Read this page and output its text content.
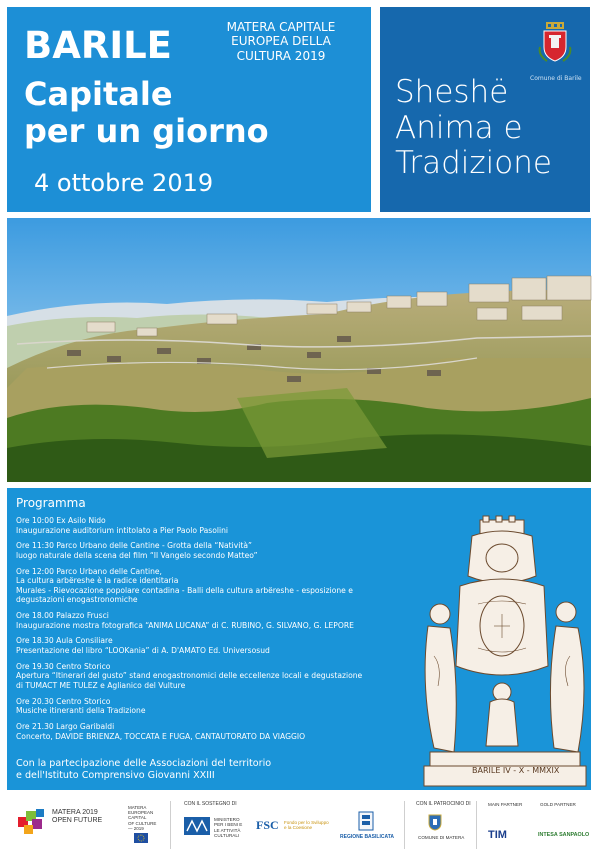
BARILE
Capitale
per un giorno
4 ottobre 2019
MATERA CAPITALE
EUROPEA DELLA
CULTURA 2019
Comune di Barile
Sheshë
Anima e
Tradizione
Programma
Ore 10:00 Ex Asilo Nido
Inaugurazione auditorium intitolato a Pier Paolo Pasolini
Ore 11:30 Parco Urbano delle Cantine - Grotta della “Natività”
luogo naturale della scena del film “Il Vangelo secondo Matteo”
Ore 12:00 Parco Urbano delle Cantine,
La cultura arbëreshe è la radice identitaria
Murales - Rievocazione popolare contadina - Balli della cultura arbëreshe - esposizione e
degustazioni enogastronomiche
Ore 18.00 Palazzo Frusci
Inaugurazione mostra fotografica “ANIMA LUCANA” di C. RUBINO, G. SILVANO, G. LEPORE
Ore 18.30 Aula Consiliare
Presentazione del libro “LOOKania” di A. D'AMATO Ed. Universosud
Ore 19.30 Centro Storico
Apertura “Itinerari del gusto” stand enogastronomici delle eccellenze locali e degustazione
di TUMACT ME TULEZ e Aglianico del Vulture
Ore 20.30 Centro Storico
Musiche itineranti della Tradizione
Ore 21.30 Largo Garibaldi
Concerto, DAVIDE BRIENZA, TOCCATA E FUGA, CANTAUTORATO DA VIAGGIO
Con la partecipazione delle Associazioni del territorio
e dell'Istituto Comprensivo Giovanni XXIII	BARILE IV - X - MMXIX
MATERA 2019
OPEN FUTURE
MATERA
EUROPEAN
CAPITAL
OF CULTURE
— 2019
CON IL SOSTEGNO DI
MINISTERO
PER I BENI E
LE ATTIVITÀ
CULTURALI
FSC Fondo per lo Sviluppo
e la Coesione
REGIONE BASILICATA
CON IL PATROCINIO DI
COMUNE DI MATERA
MAIN PARTNER	GOLD PARTNER
TIM	INTESA SANPAOLO
